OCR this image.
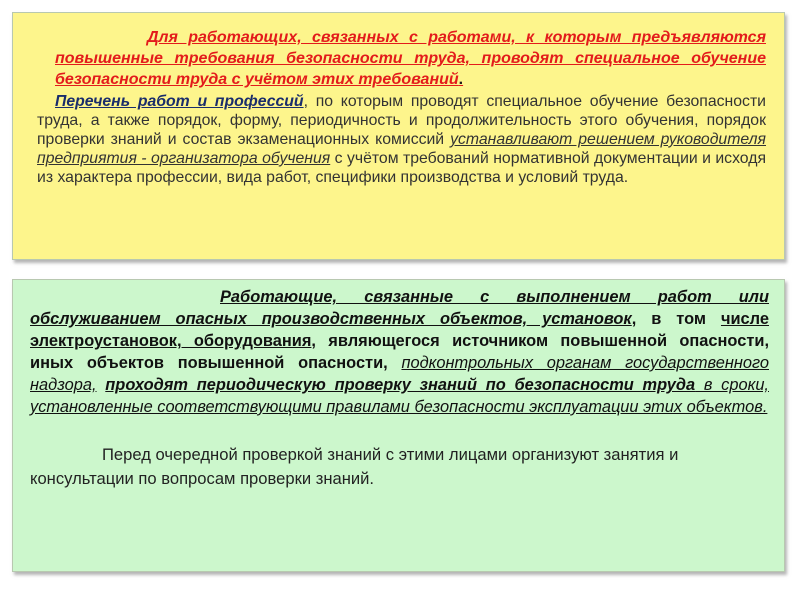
Для работающих, связанных с работами, к которым предъявляются повышенные требования безопасности труда, проводят специальное обучение безопасности труда с учётом этих требований.

Перечень работ и профессий, по которым проводят специальное обучение безопасности труда, а также порядок, форму, периодичность и продолжительность этого обучения, порядок проверки знаний и состав экзаменационных комиссий устанавливают решением руководителя предприятия - организатора обучения с учётом требований нормативной документации и исходя из характера профессии, вида работ, специфики производства и условий труда.

Работающие, связанные с выполнением работ или обслуживанием опасных производственных объектов, установок, в том числе электроустановок, оборудования, являющегося источником повышенной опасности, иных объектов повышенной опасности, подконтрольных органам государственного надзора, проходят периодическую проверку знаний по безопасности труда в сроки, установленные соответствующими правилами безопасности эксплуатации этих объектов.

Перед очередной проверкой знаний с этими лицами организуют занятия и консультации по вопросам проверки знаний.
